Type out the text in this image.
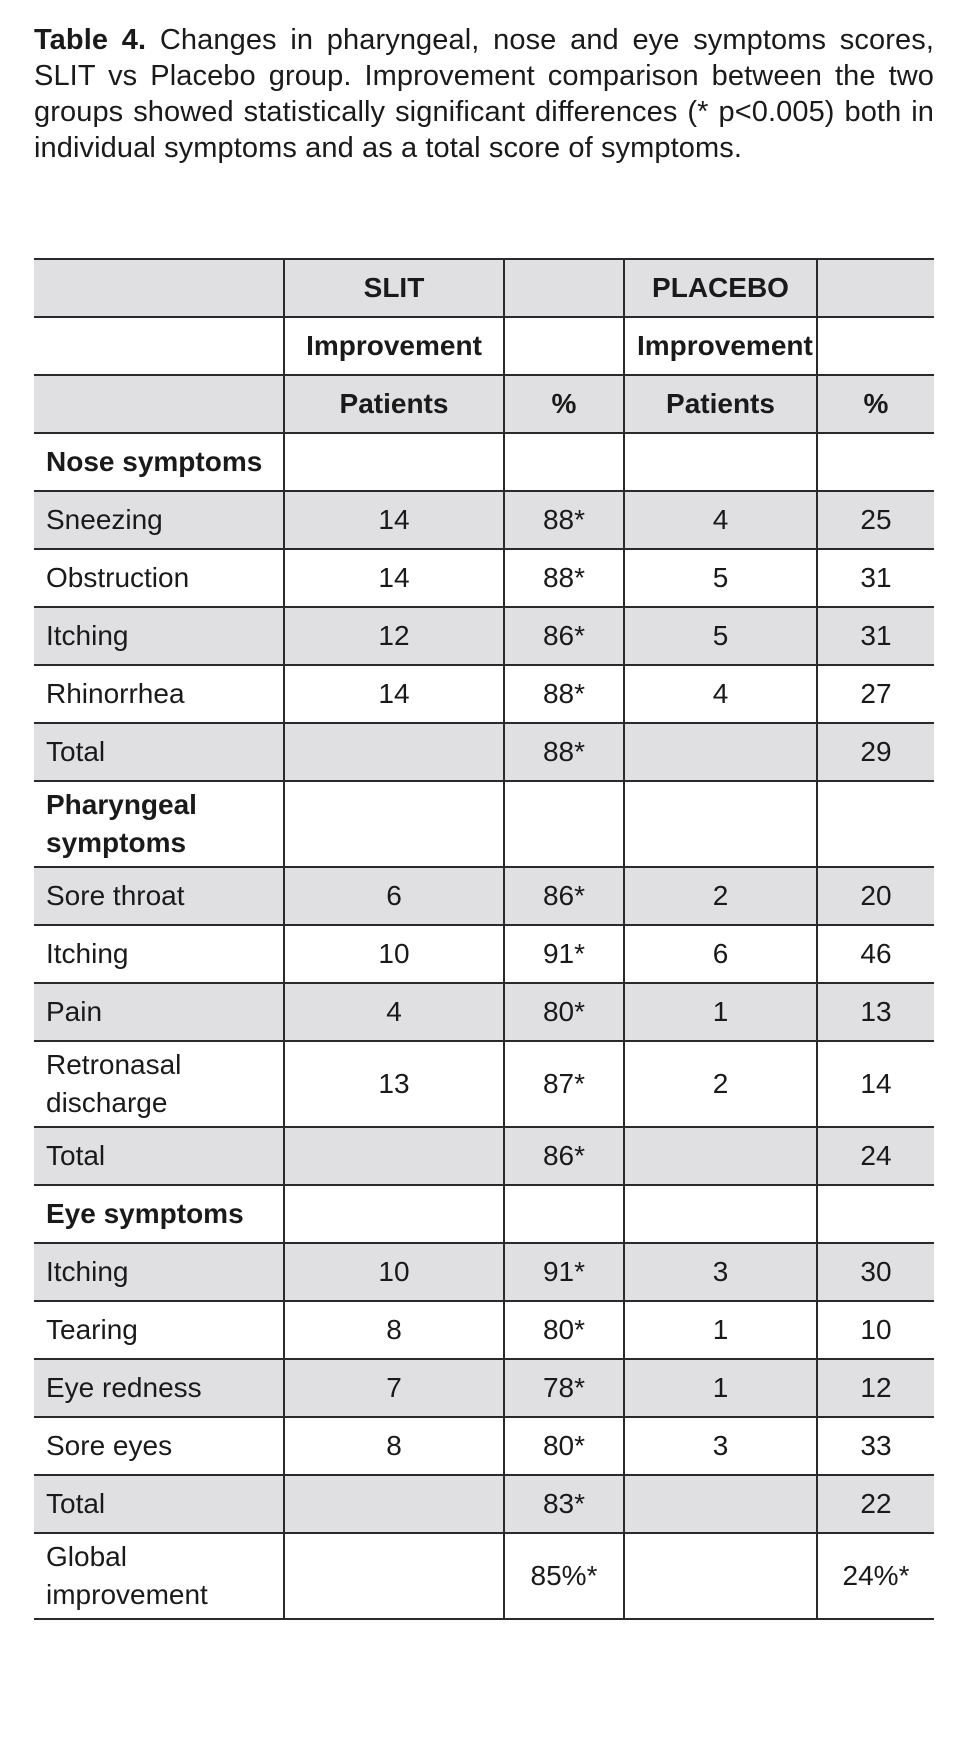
Table 4. Changes in pharyngeal, nose and eye symptoms scores, SLIT vs Placebo group. Improvement comparison between the two groups showed statistically significant differences (* p<0.005) both in individual symptoms and as a total score of symptoms.

	SLIT		PLACEBO	
	Improvement		Improvement	
	Patients	%	Patients	%
Nose symptoms				
Sneezing	14	88*	4	25
Obstruction	14	88*	5	31
Itching	12	86*	5	31
Rhinorrhea	14	88*	4	27
Total		88*		29
Pharyngeal symptoms				
Sore throat	6	86*	2	20
Itching	10	91*	6	46
Pain	4	80*	1	13
Retronasal discharge	13	87*	2	14
Total		86*		24
Eye symptoms				
Itching	10	91*	3	30
Tearing	8	80*	1	10
Eye redness	7	78*	1	12
Sore eyes	8	80*	3	33
Total		83*		22
Global improvement		85%*		24%*
